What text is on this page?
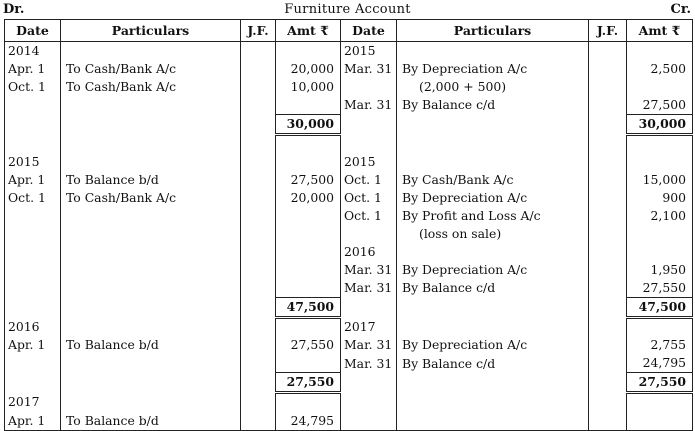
Dr.	Furniture Account	Cr.
Date	Particulars	J.F.	Amt ₹	Date	Particulars	J.F.	Amt ₹
2014				2015			
Apr. 1	To Cash/Bank A/c		20,000	Mar. 31	By Depreciation A/c		2,500
Oct. 1	To Cash/Bank A/c		10,000		(2,000 + 500)		
				Mar. 31	By Balance c/d		27,500
			30,000				30,000

2015				2015			
Apr. 1	To Balance b/d		27,500	Oct. 1	By Cash/Bank A/c		15,000
Oct. 1	To Cash/Bank A/c		20,000	Oct. 1	By Depreciation A/c		900
				Oct. 1	By Profit and Loss A/c		2,100
					(loss on sale)		
				2016			
				Mar. 31	By Depreciation A/c		1,950
				Mar. 31	By Balance c/d		27,550
			47,500				47,500
2016				2017			
Apr. 1	To Balance b/d		27,550	Mar. 31	By Depreciation A/c		2,755
				Mar. 31	By Balance c/d		24,795
			27,550				27,550
2017							
Apr. 1	To Balance b/d		24,795				
